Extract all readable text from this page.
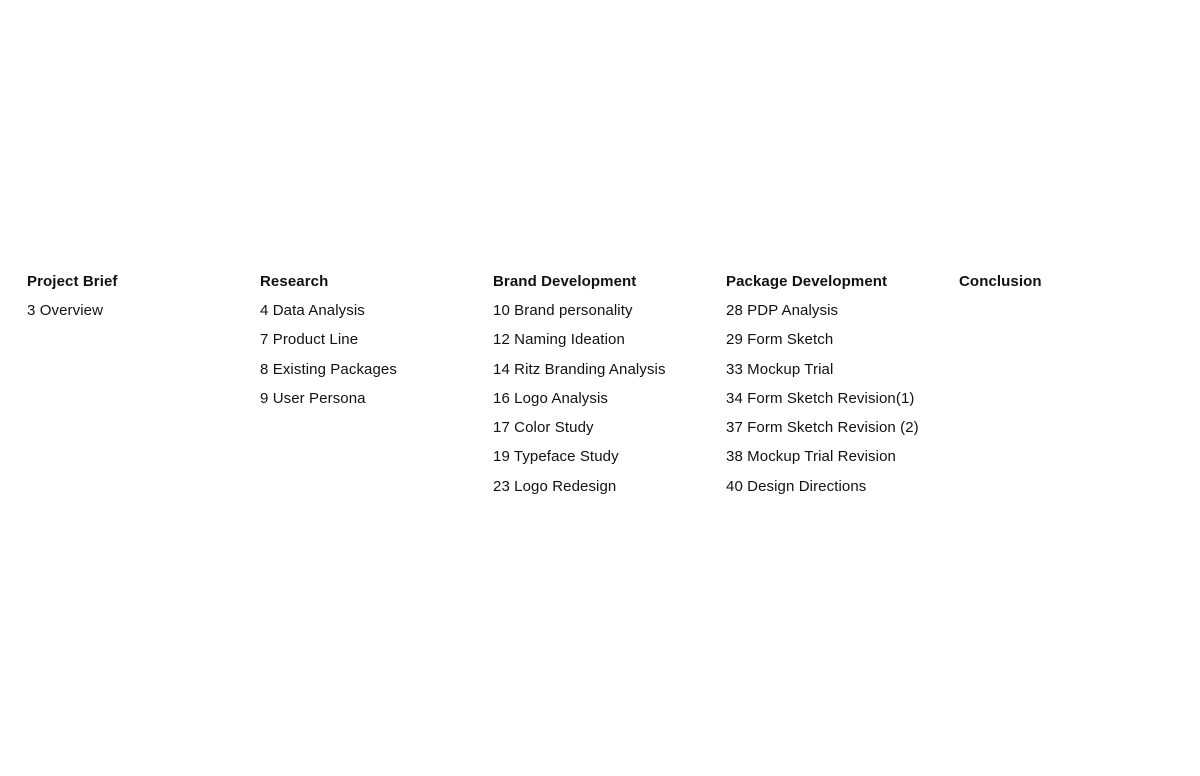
Project Brief
3 Overview
Research
4 Data Analysis
7 Product Line
8 Existing Packages
9 User Persona
Brand Development
10 Brand personality
12 Naming Ideation
14 Ritz Branding Analysis
16 Logo Analysis
17 Color Study
19 Typeface Study
23 Logo Redesign
Package Development
28 PDP Analysis
29 Form Sketch
33 Mockup Trial
34 Form Sketch Revision(1)
37 Form Sketch Revision (2)
38 Mockup Trial Revision
40 Design Directions
Conclusion
